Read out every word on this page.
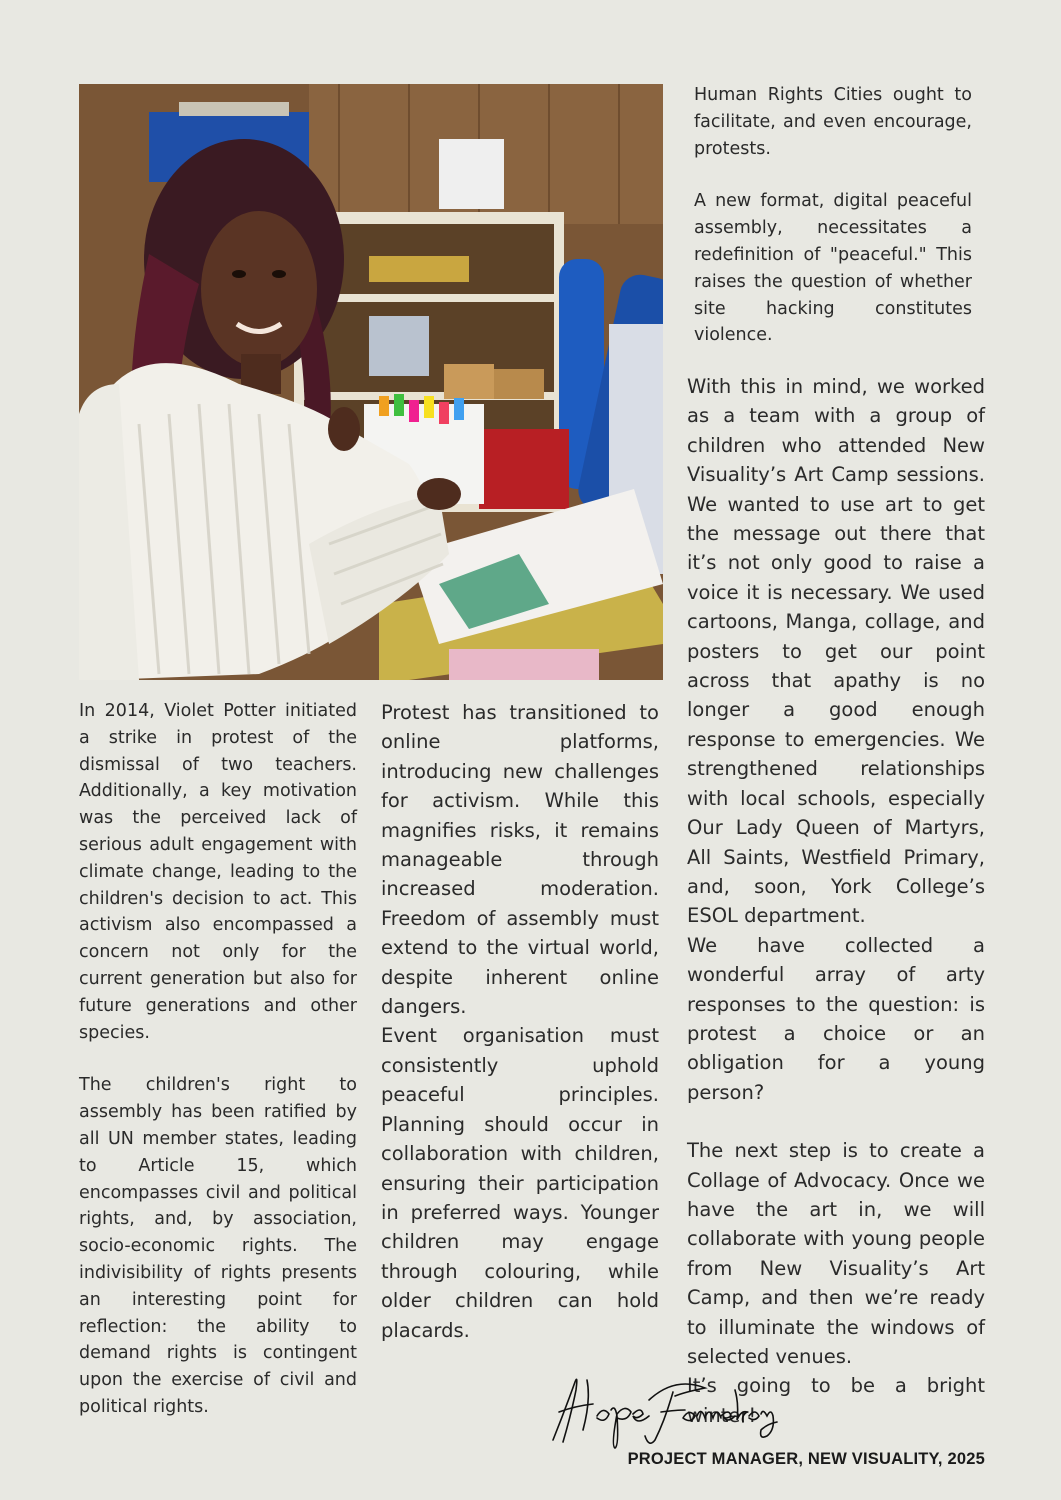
In 2014, Violet Potter initiated a strike in protest of the dismissal of two teachers. Additionally, a key motivation was the perceived lack of serious adult engagement with climate change, leading to the children's decision to act. This activism also encompassed a concern not only for the current generation but also for future generations and other species.

The children's right to assembly has been ratified by all UN member states, leading to Article 15, which encompasses civil and political rights, and, by association, socio-economic rights. The indivisibility of rights presents an interesting point for reflection: the ability to demand rights is contingent upon the exercise of civil and political rights.

Protest has transitioned to online platforms, introducing new challenges for activism. While this magnifies risks, it remains manageable through increased moderation. Freedom of assembly must extend to the virtual world, despite inherent online dangers.

Event organisation must consistently uphold peaceful principles. Planning should occur in collaboration with children, ensuring their participation in preferred ways. Younger children may engage through colouring, while older children can hold placards.

Human Rights Cities ought to facilitate, and even encourage, protests.

A new format, digital peaceful assembly, necessitates a redefinition of "peaceful." This raises the question of whether site hacking constitutes violence.

With this in mind, we worked as a team with a group of children who attended New Visuality’s Art Camp sessions. We wanted to use art to get the message out there that it’s not only good to raise a voice it is necessary. We used cartoons, Manga, collage, and posters to get our point across that apathy is no longer a good enough response to emergencies. We strengthened relationships with local schools, especially Our Lady Queen of Martyrs, All Saints, Westfield Primary, and, soon, York College’s ESOL department.

We have collected a wonderful array of arty responses to the question: is protest a choice or an obligation for a young person?

The next step is to create a Collage of Advocacy. Once we have the art in, we will collaborate with young people from New Visuality’s Art Camp, and then we’re ready to illuminate the windows of selected venues.

It’s going to be a bright winter!

PROJECT MANAGER, NEW VISUALITY, 2025
